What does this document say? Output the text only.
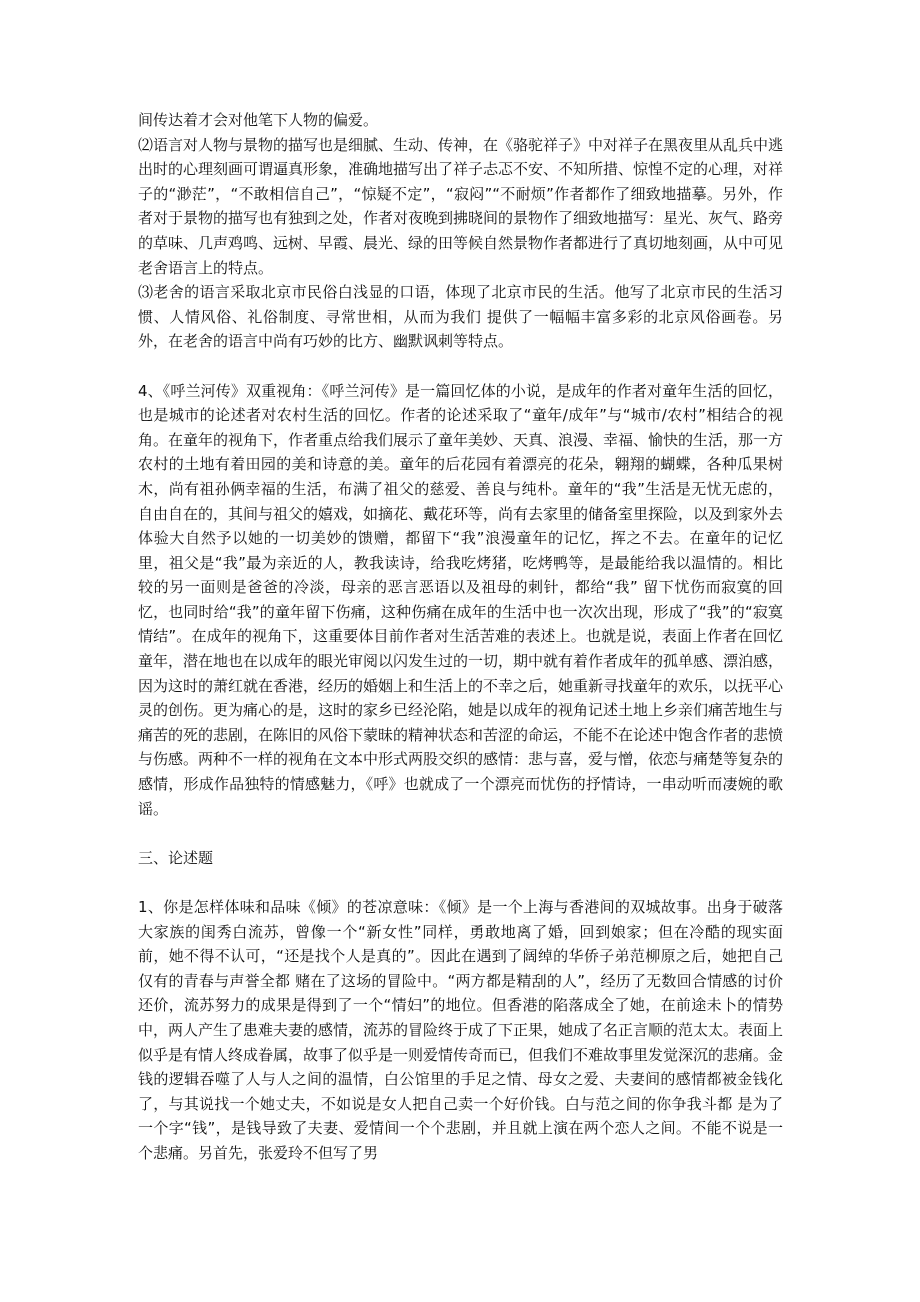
间传达着才会对他笔下人物的偏爱。

⑵语言对人物与景物的描写也是细腻、生动、传神，在《骆驼祥子》中对祥子在黑夜里从乱兵中逃出时的心理刻画可谓逼真形象，准确地描写出了祥子忐忑不安、不知所措、惊惶不定的心理，对祥子的“渺茫”，“不敢相信自己”，“惊疑不定”，“寂闷”“不耐烦”作者都作了细致地描摹。另外，作者对于景物的描写也有独到之处，作者对夜晚到拂晓间的景物作了细致地描写：星光、灰气、路旁的草味、几声鸡鸣、远树、早霞、晨光、绿的田等候自然景物作者都进行了真切地刻画，从中可见老舍语言上的特点。

⑶老舍的语言采取北京市民俗白浅显的口语，体现了北京市民的生活。他写了北京市民的生活习惯、人情风俗、礼俗制度、寻常世相，从而为我们 提供了一幅幅丰富多彩的北京风俗画卷。另外，在老舍的语言中尚有巧妙的比方、幽默讽刺等特点。

4、《呼兰河传》双重视角：《呼兰河传》是一篇回忆体的小说，是成年的作者对童年生活的回忆，也是城市的论述者对农村生活的回忆。作者的论述采取了“童年/成年”与“城市/农村”相结合的视角。在童年的视角下，作者重点给我们展示了童年美妙、天真、浪漫、幸福、愉快的生活，那一方农村的土地有着田园的美和诗意的美。童年的后花园有着漂亮的花朵，翱翔的蝴蝶，各种瓜果树木，尚有祖孙俩幸福的生活，布满了祖父的慈爱、善良与纯朴。童年的“我”生活是无忧无虑的，自由自在的，其间与祖父的嬉戏，如摘花、戴花环等，尚有去家里的储备室里探险，以及到家外去体验大自然予以她的一切美妙的馈赠，都留下“我”浪漫童年的记忆，挥之不去。在童年的记忆里，祖父是“我”最为亲近的人，教我读诗，给我吃烤猪，吃烤鸭等，是最能给我以温情的。相比较的另一面则是爸爸的冷淡，母亲的恶言恶语以及祖母的刺针，都给“我” 留下忧伤而寂寞的回忆，也同时给“我”的童年留下伤痛，这种伤痛在成年的生活中也一次次出现，形成了“我”的“寂寞情结”。在成年的视角下，这重要体目前作者对生活苦难的表述上。也就是说，表面上作者在回忆童年，潜在地也在以成年的眼光审阅以闪发生过的一切，期中就有着作者成年的孤单感、漂泊感，因为这时的萧红就在香港，经历的婚姻上和生活上的不幸之后，她重新寻找童年的欢乐，以抚平心灵的创伤。更为痛心的是，这时的家乡已经沦陷，她是以成年的视角记述土地上乡亲们痛苦地生与痛苦的死的悲剧，在陈旧的风俗下蒙昧的精神状态和苦涩的命运，不能不在论述中饱含作者的悲愤与伤感。两种不一样的视角在文本中形式两股交织的感情：悲与喜，爱与憎，依恋与痛楚等复杂的感情，形成作品独特的情感魅力，《呼》也就成了一个漂亮而忧伤的抒情诗，一串动听而凄婉的歌谣。

三、论述题

1、你是怎样体味和品味《倾》的苍凉意味：《倾》是一个上海与香港间的双城故事。出身于破落大家族的闺秀白流苏，曾像一个“新女性”同样，勇敢地离了婚，回到娘家；但在冷酷的现实面前，她不得不认可，“还是找个人是真的”。因此在遇到了阔绰的华侨子弟范柳原之后，她把自己仅有的青春与声誉全都 赌在了这场的冒险中。“两方都是精刮的人”，经历了无数回合情感的讨价还价，流苏努力的成果是得到了一个“情妇”的地位。但香港的陷落成全了她，在前途未卜的情势中，两人产生了患难夫妻的感情，流苏的冒险终于成了下正果，她成了名正言顺的范太太。表面上似乎是有情人终成眷属，故事了似乎是一则爱情传奇而已，但我们不难故事里发觉深沉的悲痛。金钱的逻辑吞噬了人与人之间的温情，白公馆里的手足之情、母女之爱、夫妻间的感情都被金钱化了，与其说找一个她丈夫，不如说是女人把自己卖一个好价钱。白与范之间的你争我斗都 是为了一个字“钱”，是钱导致了夫妻、爱情间一个个悲剧，并且就上演在两个恋人之间。不能不说是一个悲痛。另首先，张爱玲不但写了男
